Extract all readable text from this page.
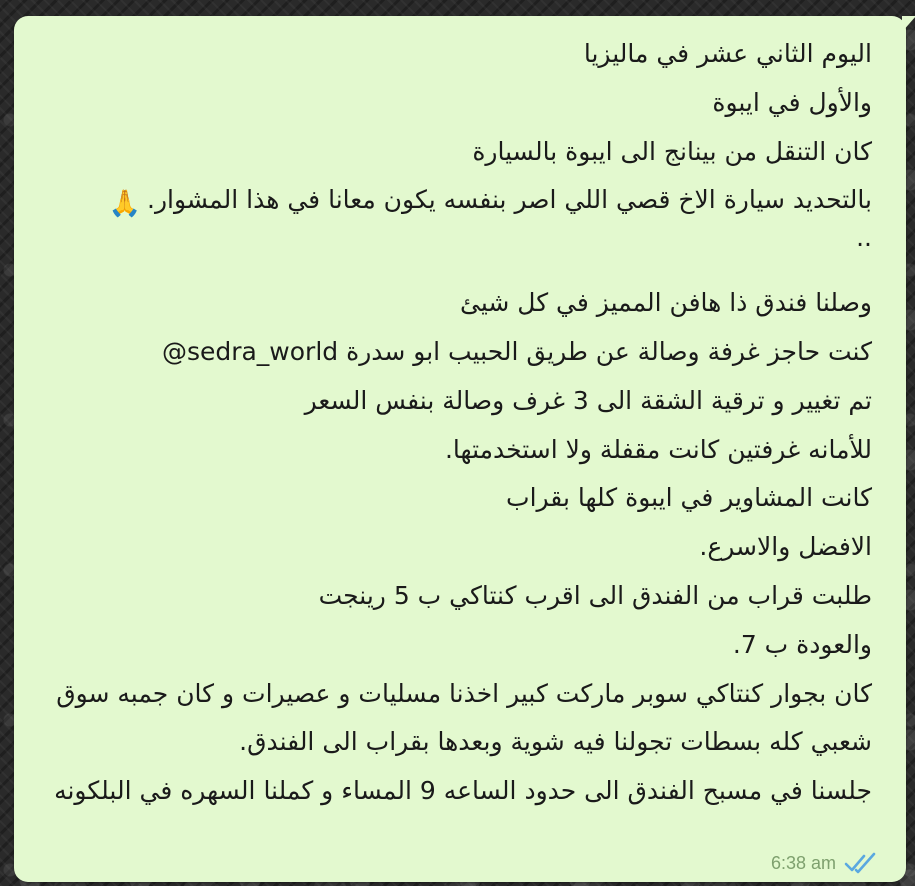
اليوم الثاني عشر في ماليزيا
والأول في ايبوة
كان التنقل من بينانج الى ايبوة بالسيارة
بالتحديد سيارة الاخ قصي اللي اصر بنفسه يكون معانا في هذا المشوار.🙏
..
وصلنا فندق ذا هافن المميز في كل شيئ
كنت حاجز غرفة وصالة عن طريق الحبيب ابو سدرة sedra_world@
تم تغيير و ترقية الشقة الى 3 غرف وصالة بنفس السعر
للأمانه غرفتين كانت مقفلة ولا استخدمتها.
كانت المشاوير في ايبوة كلها بقراب
الافضل والاسرع.
طلبت قراب من الفندق الى اقرب كنتاكي ب 5 رينجت
والعودة ب 7.
كان بجوار كنتاكي سوبر ماركت كبير اخذنا مسليات و عصيرات و كان جمبه سوق
شعبي كله بسطات تجولنا فيه شوية وبعدها بقراب الى الفندق.
جلسنا في مسبح الفندق الى حدود الساعه 9 المساء و كملنا السهره في البلكونه
6:38 am
